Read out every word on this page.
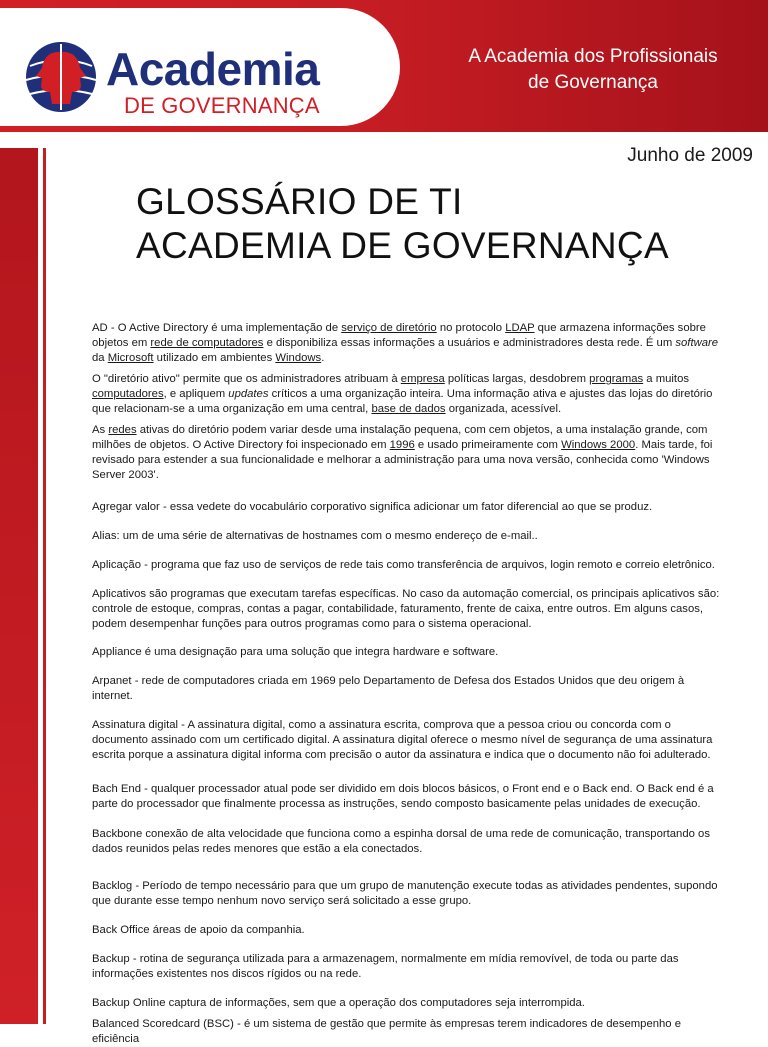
Academia
DE GOVERNANÇA
A Academia dos Profissionais
de Governança
Junho de 2009
GLOSSÁRIO DE TI
ACADEMIA DE GOVERNANÇA

AD - O Active Directory é uma implementação de serviço de diretório no protocolo LDAP que armazena informações sobre objetos em rede de computadores e disponibiliza essas informações a usuários e administradores desta rede. É um software da Microsoft utilizado em ambientes Windows.

O "diretório ativo" permite que os administradores atribuam à empresa políticas largas, desdobrem programas a muitos computadores, e apliquem updates críticos a uma organização inteira. Uma informação ativa e ajustes das lojas do diretório que relacionam-se a uma organização em uma central, base de dados organizada, acessível.

As redes ativas do diretório podem variar desde uma instalação pequena, com cem objetos, a uma instalação grande, com milhões de objetos. O Active Directory foi inspecionado em 1996 e usado primeiramente com Windows 2000. Mais tarde, foi revisado para estender a sua funcionalidade e melhorar a administração para uma nova versão, conhecida como 'Windows Server 2003'.

Agregar valor - essa vedete do vocabulário corporativo significa adicionar um fator diferencial ao que se produz.

Alias: um de uma série de alternativas de hostnames com o mesmo endereço de e-mail..

Aplicação - programa que faz uso de serviços de rede tais como transferência de arquivos, login remoto e correio eletrônico.

Aplicativos são programas que executam tarefas específicas. No caso da automação comercial, os principais aplicativos são: controle de estoque, compras, contas a pagar, contabilidade, faturamento, frente de caixa, entre outros. Em alguns casos, podem desempenhar funções para outros programas como para o sistema operacional.

Appliance é uma designação para uma solução que integra hardware e software.

Arpanet - rede de computadores criada em 1969 pelo Departamento de Defesa dos Estados Unidos que deu origem à internet.

Assinatura digital - A assinatura digital, como a assinatura escrita, comprova que a pessoa criou ou concorda com o documento assinado com um certificado digital. A assinatura digital oferece o mesmo nível de segurança de uma assinatura escrita porque a assinatura digital informa com precisão o autor da assinatura e indica que o documento não foi adulterado.

Bach End - qualquer processador atual pode ser dividido em dois blocos básicos, o Front end e o Back end. O Back end é a parte do processador que finalmente processa as instruções, sendo composto basicamente pelas unidades de execução.

Backbone conexão de alta velocidade que funciona como a espinha dorsal de uma rede de comunicação, transportando os dados reunidos pelas redes menores que estão a ela conectados.

Backlog - Período de tempo necessário para que um grupo de manutenção execute todas as atividades pendentes, supondo que durante esse tempo nenhum novo serviço será solicitado a esse grupo.

Back Office áreas de apoio da companhia.

Backup - rotina de segurança utilizada para a armazenagem, normalmente em mídia removível, de toda ou parte das informações existentes nos discos rígidos ou na rede.

Backup Online captura de informações, sem que a operação dos computadores seja interrompida.

Balanced Scoredcard (BSC) - é um sistema de gestão que permite às empresas terem indicadores de desempenho e eficiência
